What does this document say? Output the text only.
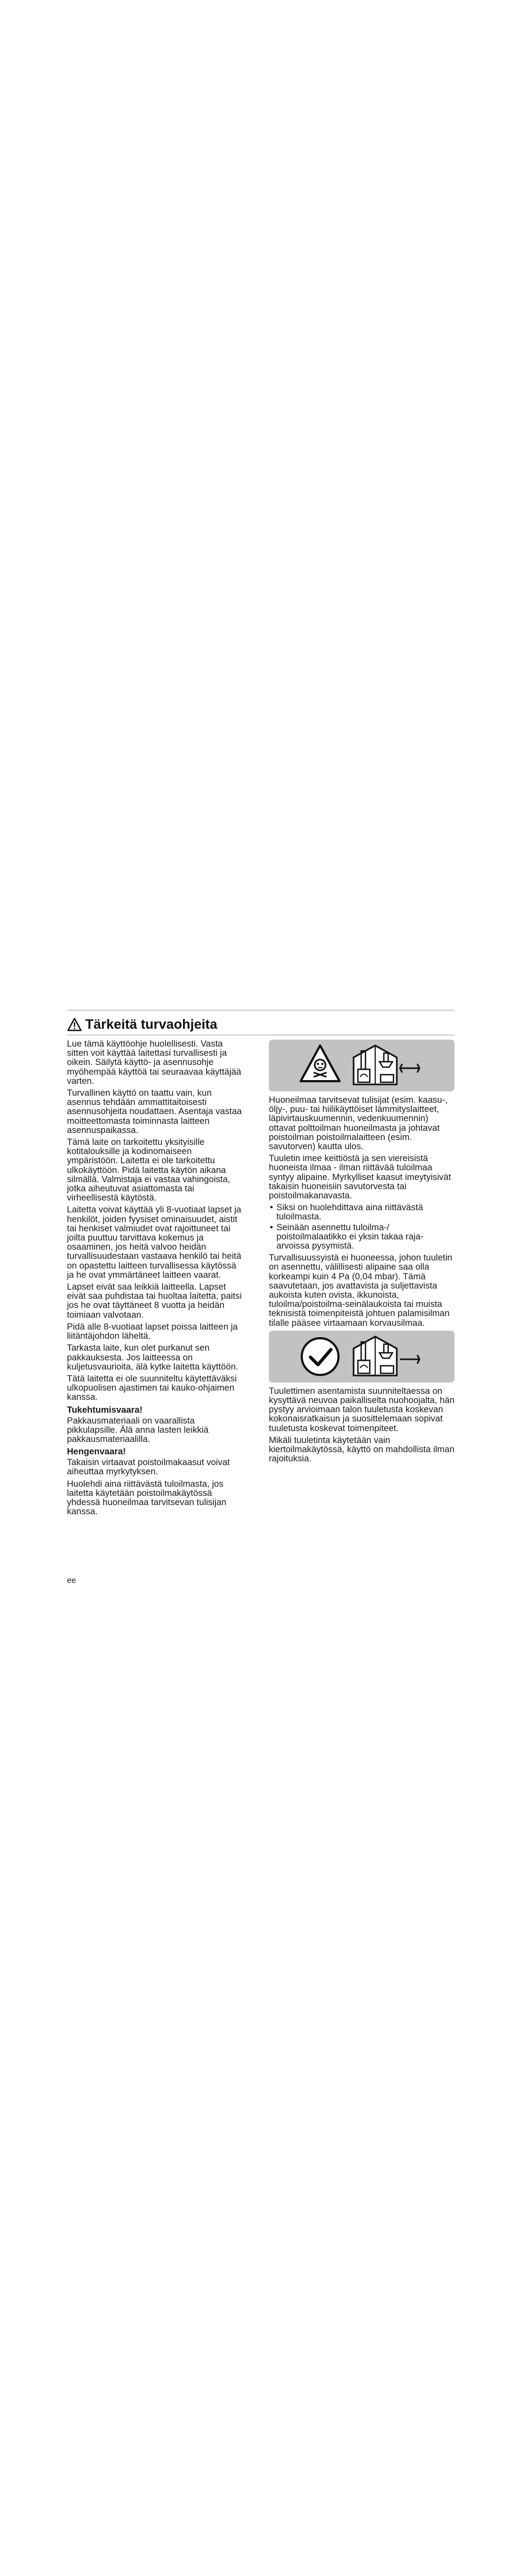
Tärkeitä turvaohjeita

Lue tämä käyttöohje huolellisesti. Vasta sitten voit käyttää laitettasi turvallisesti ja oikein. Säilytä käyttö- ja asennusohje myöhempää käyttöä tai seuraavaa käyttäjää varten.

Turvallinen käyttö on taattu vain, kun asennus tehdään ammattitaitoisesti asennusohjeita noudattaen. Asentaja vastaa moitteettomasta toiminnasta laitteen asennuspaikassa.

Tämä laite on tarkoitettu yksityisille kotitalouksille ja kodinomaiseen ympäristöön. Laitetta ei ole tarkoitettu ulkokäyttöön. Pidä laitetta käytön aikana silmällä. Valmistaja ei vastaa vahingoista, jotka aiheutuvat asiattomasta tai virheellisestä käytöstä.

Laitetta voivat käyttää yli 8-vuotiaat lapset ja henkilöt, joiden fyysiset ominaisuudet, aistit tai henkiset valmiudet ovat rajoittuneet tai joilta puuttuu tarvittava kokemus ja osaaminen, jos heitä valvoo heidän turvallisuudestaan vastaava henkilö tai heitä on opastettu laitteen turvallisessa käytössä ja he ovat ymmärtäneet laitteen vaarat.

Lapset eivät saa leikkiä laitteella. Lapset eivät saa puhdistaa tai huoltaa laitetta, paitsi jos he ovat täyttäneet 8 vuotta ja heidän toimiaan valvotaan.

Pidä alle 8-vuotiaat lapset poissa laitteen ja liitäntäjohdon läheltä.

Tarkasta laite, kun olet purkanut sen pakkauksesta. Jos laitteessa on kuljetusvaurioita, älä kytke laitetta käyttöön.

Tätä laitetta ei ole suunniteltu käytettäväksi ulkopuolisen ajastimen tai kauko-ohjaimen kanssa.

Tukehtumisvaara!

Pakkausmateriaali on vaarallista pikkulapsille. Älä anna lasten leikkiä pakkausmateriaalilla.

Hengenvaara!

Takaisin virtaavat poistoilmakaasut voivat aiheuttaa myrkytyksen.

Huolehdi aina riittävästä tuloilmasta, jos laitetta käytetään poistoilmakäytössä yhdessä huoneilmaa tarvitsevan tulisijan kanssa.

Huoneilmaa tarvitsevat tulisijat (esim. kaasu-, öljy-, puu- tai hiilikäyttöiset lämmityslaitteet, läpivirtauskuumennin, vedenkuumennin) ottavat polttoilman huoneilmasta ja johtavat poistoilman poistoilmalaitteen (esim. savutorven) kautta ulos.

Tuuletin imee keittiöstä ja sen viereisistä huoneista ilmaa - ilman riittävää tuloilmaa syntyy alipaine. Myrkylliset kaasut imeytyisivät takaisin huoneisiin savutorvesta tai poistoilmakanavasta.

• Siksi on huolehdittava aina riittävästä tuloilmasta.
• Seinään asennettu tuloilma-/ poistoilmalaatikko ei yksin takaa raja-arvoissa pysymistä.

Turvallisuussyistä ei huoneessa, johon tuuletin on asennettu, välillisesti alipaine saa olla korkeampi kuin 4 Pa (0,04 mbar). Tämä saavutetaan, jos avattavista ja suljettavista aukoista kuten ovista, ikkunoista, tuloilma/poistoilma-seinälaukoista tai muista teknisistä toimenpiteistä johtuen palamisilman tilalle pääsee virtaamaan korvausilmaa.

Tuulettimen asentamista suunniteltaessa on kysyttävä neuvoa paikalliselta nuohoojalta, hän pystyy arvioimaan talon tuuletusta koskevan kokonaisratkaisun ja suosittelemaan sopivat tuuletusta koskevat toimenpiteet.

Mikäli tuuletinta käytetään vain kiertoilmakäytössä, käyttö on mahdollista ilman rajoituksia.

ee
